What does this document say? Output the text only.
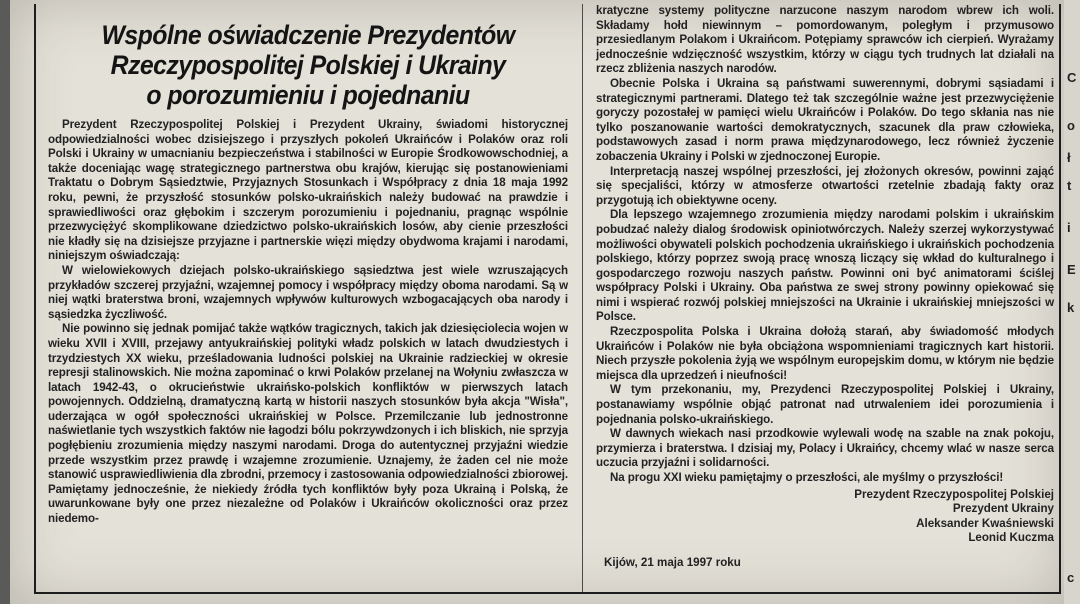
Wspólne oświadczenie Prezydentów
Rzeczypospolitej Polskiej i Ukrainy
o porozumieniu i pojednaniu

Prezydent Rzeczypospolitej Polskiej i Prezydent Ukrainy, świadomi historycznej odpowiedzialności wobec dzisiejszego i przyszłych pokoleń Ukraińców i Polaków oraz roli Polski i Ukrainy w umacnianiu bezpieczeństwa i stabilności w Europie Środkowowschodniej, a także doceniając wagę strategicznego partnerstwa obu krajów, kierując się postanowieniami Traktatu o Dobrym Sąsiedztwie, Przyjaznych Stosunkach i Współpracy z dnia 18 maja 1992 roku, pewni, że przyszłość stosunków polsko-ukraińskich należy budować na prawdzie i sprawiedliwości oraz głębokim i szczerym porozumieniu i pojednaniu, pragnąc wspólnie przezwyciężyć skomplikowane dziedzictwo polsko-ukraińskich losów, aby cienie przeszłości nie kładły się na dzisiejsze przyjazne i partnerskie więzi między obydwoma krajami i narodami, niniejszym oświadczają:

W wielowiekowych dziejach polsko-ukraińskiego sąsiedztwa jest wiele wzruszających przykładów szczerej przyjaźni, wzajemnej pomocy i współpracy między oboma narodami. Są w niej wątki braterstwa broni, wzajemnych wpływów kulturowych wzbogacających oba narody i sąsiedzka życzliwość.

Nie powinno się jednak pomijać także wątków tragicznych, takich jak dziesięciolecia wojen w wieku XVII i XVIII, przejawy antyukraińskiej polityki władz polskich w latach dwudziestych i trzydziestych XX wieku, prześladowania ludności polskiej na Ukrainie radzieckiej w okresie represji stalinowskich. Nie można zapominać o krwi Polaków przelanej na Wołyniu zwłaszcza w latach 1942-43, o okrucieństwie ukraińsko-polskich konfliktów w pierwszych latach powojennych. Oddzielną, dramatyczną kartą w historii naszych stosunków była akcja "Wisła", uderzająca w ogół społeczności ukraińskiej w Polsce. Przemilczanie lub jednostronne naświetlanie tych wszystkich faktów nie łagodzi bólu pokrzywdzonych i ich bliskich, nie sprzyja pogłębieniu zrozumienia między naszymi narodami. Droga do autentycznej przyjaźni wiedzie przede wszystkim przez prawdę i wzajemne zrozumienie. Uznajemy, że żaden cel nie może stanowić usprawiedliwienia dla zbrodni, przemocy i zastosowania odpowiedzialności zbiorowej. Pamiętamy jednocześnie, że niekiedy źródła tych konfliktów były poza Ukrainą i Polską, że uwarunkowane były one przez niezależne od Polaków i Ukraińców okoliczności oraz przez niedemo-

kratyczne systemy polityczne narzucone naszym narodom wbrew ich woli. Składamy hołd niewinnym – pomordowanym, poległym i przymusowo przesiedlanym Polakom i Ukraińcom. Potępiamy sprawców ich cierpień. Wyrażamy jednocześnie wdzięczność wszystkim, którzy w ciągu tych trudnych lat działali na rzecz zbliżenia naszych narodów.

Obecnie Polska i Ukraina są państwami suwerennymi, dobrymi sąsiadami i strategicznymi partnerami. Dlatego też tak szczególnie ważne jest przezwyciężenie goryczy pozostałej w pamięci wielu Ukraińców i Polaków. Do tego skłania nas nie tylko poszanowanie wartości demokratycznych, szacunek dla praw człowieka, podstawowych zasad i norm prawa międzynarodowego, lecz również życzenie zobaczenia Ukrainy i Polski w zjednoczonej Europie.

Interpretacją naszej wspólnej przeszłości, jej złożonych okresów, powinni zająć się specjaliści, którzy w atmosferze otwartości rzetelnie zbadają fakty oraz przygotują ich obiektywne oceny.

Dla lepszego wzajemnego zrozumienia między narodami polskim i ukraińskim pobudzać należy dialog środowisk opiniotwórczych. Należy szerzej wykorzystywać możliwości obywateli polskich pochodzenia ukraińskiego i ukraińskich pochodzenia polskiego, którzy poprzez swoją pracę wnoszą liczący się wkład do kulturalnego i gospodarczego rozwoju naszych państw. Powinni oni być animatorami ściślej współpracy Polski i Ukrainy. Oba państwa ze swej strony powinny opiekować się nimi i wspierać rozwój polskiej mniejszości na Ukrainie i ukraińskiej mniejszości w Polsce.

Rzeczpospolita Polska i Ukraina dołożą starań, aby świadomość młodych Ukraińców i Polaków nie była obciążona wspomnieniami tragicznych kart historii. Niech przyszłe pokolenia żyją we wspólnym europejskim domu, w którym nie będzie miejsca dla uprzedzeń i nieufności!

W tym przekonaniu, my, Prezydenci Rzeczypospolitej Polskiej i Ukrainy, postanawiamy wspólnie objąć patronat nad utrwaleniem idei porozumienia i pojednania polsko-ukraińskiego.

W dawnych wiekach nasi przodkowie wylewali wodę na szable na znak pokoju, przymierza i braterstwa. I dzisiaj my, Polacy i Ukraińcy, chcemy wlać w nasze serca uczucia przyjaźni i solidarności.

Na progu XXI wieku pamiętajmy o przeszłości, ale myślmy o przyszłości!

Prezydent Rzeczypospolitej Polskiej
Prezydent Ukrainy
Aleksander Kwaśniewski
Leonid Kuczma
Kijów, 21 maja 1997 roku
C
o
ł
t
i
E
k
c
